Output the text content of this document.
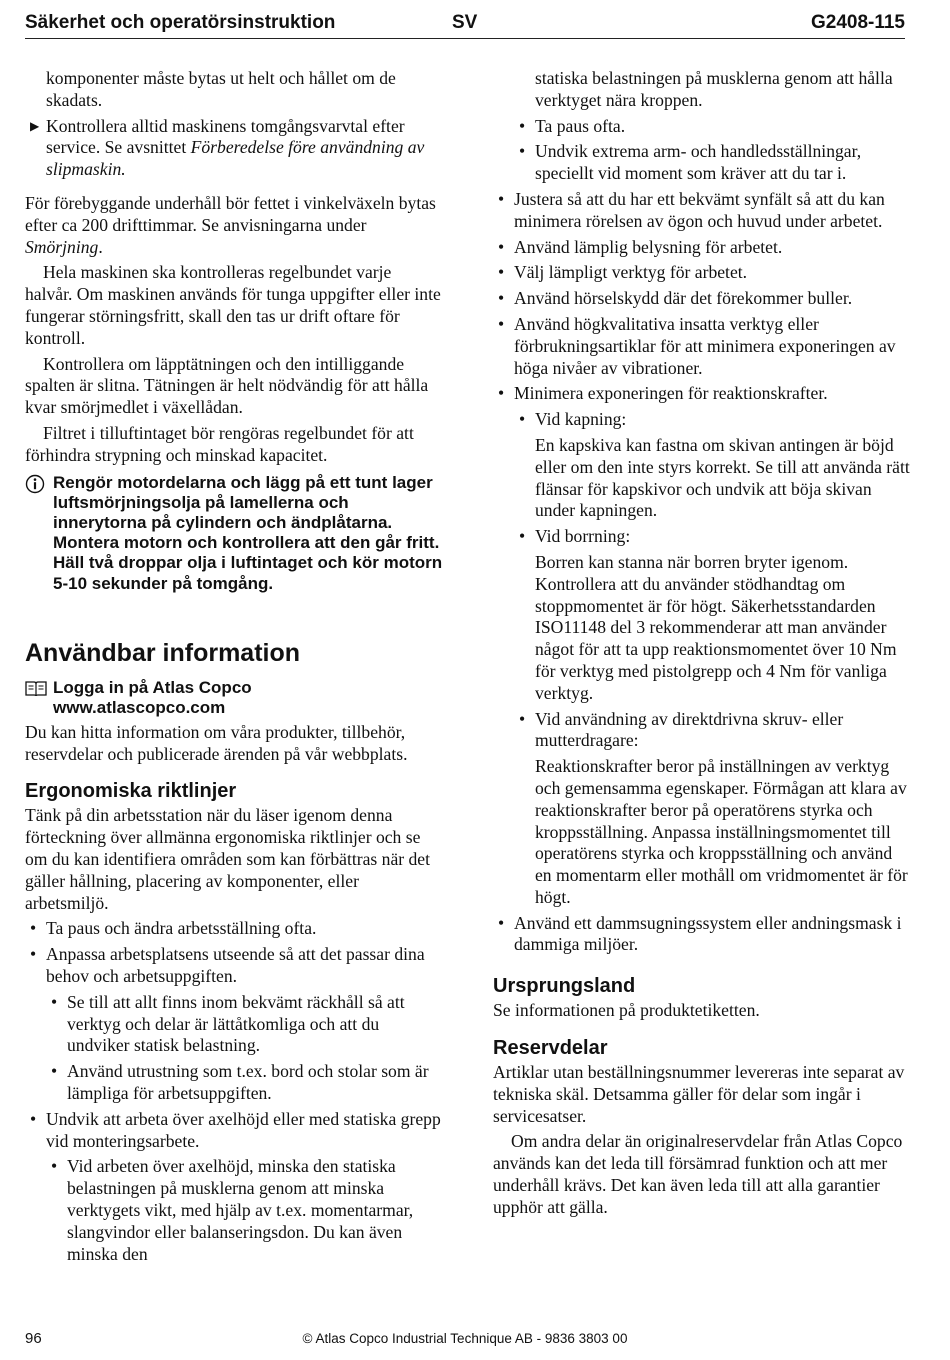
Säkerhet och operatörsinstruktion	SV	G2408-115

komponenter måste bytas ut helt och hållet om de skadats.

▶ Kontrollera alltid maskinens tomgångsvarvtal efter service. Se avsnittet Förberedelse före användning av slipmaskin.

För förebyggande underhåll bör fettet i vinkelväxeln bytas efter ca 200 drifttimmar. Se anvisningarna under Smörjning.

Hela maskinen ska kontrolleras regelbundet varje halvår. Om maskinen används för tunga uppgifter eller inte fungerar störningsfritt, skall den tas ur drift oftare för kontroll.

Kontrollera om läpptätningen och den intilliggande spalten är slitna. Tätningen är helt nödvändig för att hålla kvar smörjmedlet i växellådan.

Filtret i tilluftintaget bör rengöras regelbundet för att förhindra strypning och minskad kapacitet.

Rengör motordelarna och lägg på ett tunt lager luftsmörjningsolja på lamellerna och innerytorna på cylindern och ändplåtarna. Montera motorn och kontrollera att den går fritt. Häll två droppar olja i luftintaget och kör motorn 5-10 sekunder på tomgång.
Användbar information
Logga in på Atlas Copco
www.atlascopco.com

Du kan hitta information om våra produkter, tillbehör, reservdelar och publicerade ärenden på vår webbplats.

Ergonomiska riktlinjer

Tänk på din arbetsstation när du läser igenom denna förteckning över allmänna ergonomiska riktlinjer och se om du kan identifiera områden som kan förbättras när det gäller hållning, placering av komponenter, eller arbetsmiljö.

• Ta paus och ändra arbetsställning ofta.
• Anpassa arbetsplatsens utseende så att det passar dina behov och arbetsuppgiften.
• Se till att allt finns inom bekvämt räckhåll så att verktyg och delar är lättåtkomliga och att du undviker statisk belastning.
• Använd utrustning som t.ex. bord och stolar som är lämpliga för arbetsuppgiften.
• Undvik att arbeta över axelhöjd eller med statiska grepp vid monteringsarbete.
• Vid arbeten över axelhöjd, minska den statiska belastningen på musklerna genom att minska verktygets vikt, med hjälp av t.ex. momentarmar, slangvindor eller balanseringsdon. Du kan även minska den

statiska belastningen på musklerna genom att hålla verktyget nära kroppen.

• Ta paus ofta.
• Undvik extrema arm- och handledsställningar, speciellt vid moment som kräver att du tar i.
• Justera så att du har ett bekvämt synfält så att du kan minimera rörelsen av ögon och huvud under arbetet.
• Använd lämplig belysning för arbetet.
• Välj lämpligt verktyg för arbetet.
• Använd hörselskydd där det förekommer buller.
• Använd högkvalitativa insatta verktyg eller förbrukningsartiklar för att minimera exponeringen av höga nivåer av vibrationer.
• Minimera exponeringen för reaktionskrafter.
• Vid kapning:

En kapskiva kan fastna om skivan antingen är böjd eller om den inte styrs korrekt. Se till att använda rätt flänsar för kapskivor och undvik att böja skivan under kapningen.

• Vid borrning:

Borren kan stanna när borren bryter igenom. Kontrollera att du använder stödhandtag om stoppmomentet är för högt. Säkerhetsstandarden ISO11148 del 3 rekommenderar att man använder något för att ta upp reaktionsmomentet över 10 Nm för verktyg med pistolgrepp och 4 Nm för vanliga verktyg.

• Vid användning av direktdrivna skruv- eller mutterdragare:

Reaktionskrafter beror på inställningen av verktyg och gemensamma egenskaper. Förmågan att klara av reaktionskrafter beror på operatörens styrka och kroppsställning. Anpassa inställningsmomentet till operatörens styrka och kroppsställning och använd en momentarm eller mothåll om vridmomentet är för högt.

• Använd ett dammsugningssystem eller andningsmask i dammiga miljöer.
Ursprungsland

Se informationen på produktetiketten.

Reservdelar

Artiklar utan beställningsnummer levereras inte separat av tekniska skäl. Detsamma gäller för delar som ingår i servicesatser.

Om andra delar än originalreservdelar från Atlas Copco används kan det leda till försämrad funktion och att mer underhåll krävs. Det kan även leda till att alla garantier upphör att gälla.

96	© Atlas Copco Industrial Technique AB - 9836 3803 00
